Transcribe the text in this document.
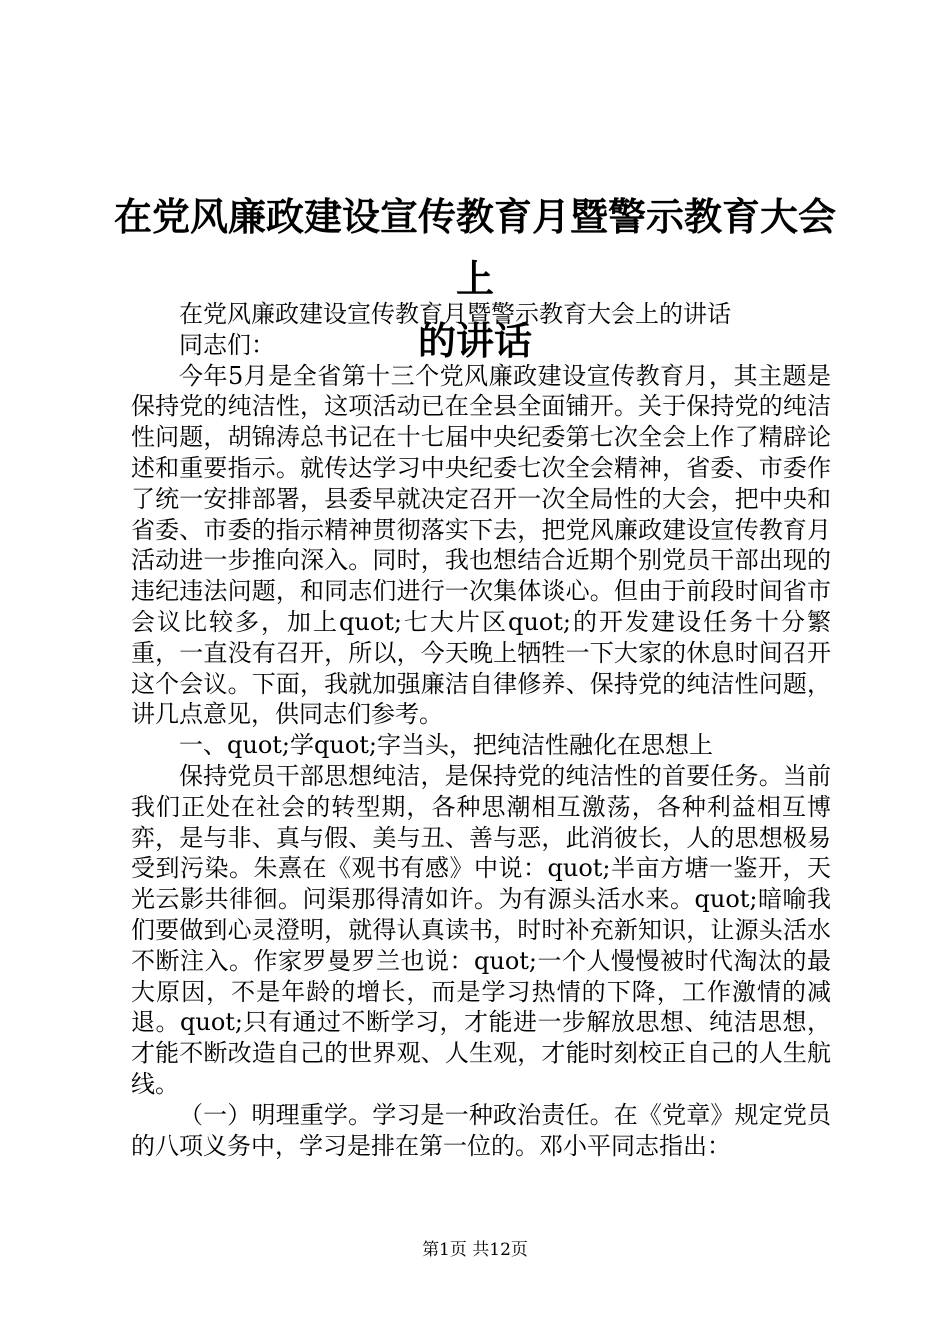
在党风廉政建设宣传教育月暨警示教育大会上
的讲话

在党风廉政建设宣传教育月暨警示教育大会上的讲话

同志们：

今年5月是全省第十三个党风廉政建设宣传教育月，其主题是保持党的纯洁性，这项活动已在全县全面铺开。关于保持党的纯洁性问题，胡锦涛总书记在十七届中央纪委第七次全会上作了精辟论述和重要指示。就传达学习中央纪委七次全会精神，省委、市委作了统一安排部署，县委早就决定召开一次全局性的大会，把中央和省委、市委的指示精神贯彻落实下去，把党风廉政建设宣传教育月活动进一步推向深入。同时，我也想结合近期个别党员干部出现的违纪违法问题，和同志们进行一次集体谈心。但由于前段时间省市会议比较多，加上quot;七大片区quot;的开发建设任务十分繁重，一直没有召开，所以，今天晚上牺牲一下大家的休息时间召开这个会议。下面，我就加强廉洁自律修养、保持党的纯洁性问题，讲几点意见，供同志们参考。

一、quot;学quot;字当头，把纯洁性融化在思想上

保持党员干部思想纯洁，是保持党的纯洁性的首要任务。当前我们正处在社会的转型期，各种思潮相互激荡，各种利益相互博弈，是与非、真与假、美与丑、善与恶，此消彼长，人的思想极易受到污染。朱熹在《观书有感》中说：quot;半亩方塘一鉴开，天光云影共徘徊。问渠那得清如许。为有源头活水来。quot;暗喻我们要做到心灵澄明，就得认真读书，时时补充新知识，让源头活水不断注入。作家罗曼罗兰也说：quot;一个人慢慢被时代淘汰的最大原因，不是年龄的增长，而是学习热情的下降，工作激情的减退。quot;只有通过不断学习，才能进一步解放思想、纯洁思想，才能不断改造自己的世界观、人生观，才能时刻校正自己的人生航线。

（一）明理重学。学习是一种政治责任。在《党章》规定党员的八项义务中，学习是排在第一位的。邓小平同志指出：

第1页 共12页
